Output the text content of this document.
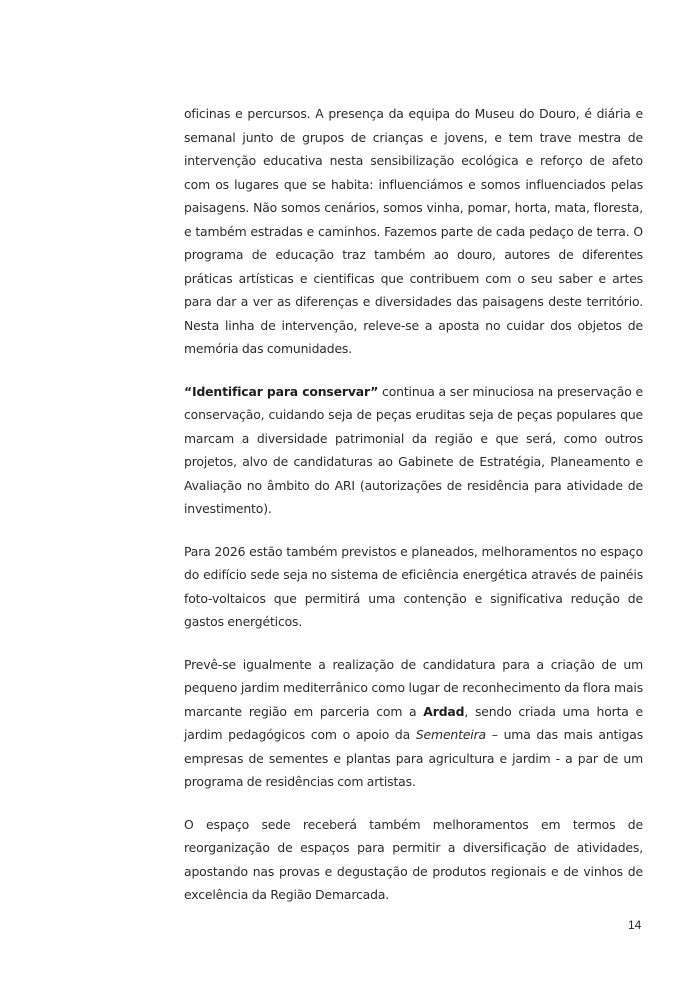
oficinas e percursos. A presença da equipa do Museu do Douro, é diária e semanal junto de grupos de crianças e jovens, e tem trave mestra de intervenção educativa nesta sensibilização ecológica e reforço de afeto com os lugares que se habita: influenciámos e somos influenciados pelas paisagens. Não somos cenários, somos vinha, pomar, horta, mata, floresta, e também estradas e caminhos. Fazemos parte de cada pedaço de terra. O programa de educação traz também ao douro, autores de diferentes práticas artísticas e cientificas que contribuem com o seu saber e artes para dar a ver as diferenças e diversidades das paisagens deste território. Nesta linha de intervenção, releve-se a aposta no cuidar dos objetos de memória das comunidades.

“Identificar para conservar” continua a ser minuciosa na preservação e conservação, cuidando seja de peças eruditas seja de peças populares que marcam a diversidade patrimonial da região e que será, como outros projetos, alvo de candidaturas ao Gabinete de Estratégia, Planeamento e Avaliação no âmbito do ARI (autorizações de residência para atividade de investimento).

Para 2026 estão também previstos e planeados, melhoramentos no espaço do edifício sede seja no sistema de eficiência energética através de painéis foto-voltaicos que permitirá uma contenção e significativa redução de gastos energéticos.

Prevê-se igualmente a realização de candidatura para a criação de um pequeno jardim mediterrânico como lugar de reconhecimento da flora mais marcante região em parceria com a Ardad, sendo criada uma horta e jardim pedagógicos com o apoio da Sementeira – uma das mais antigas empresas de sementes e plantas para agricultura e jardim - a par de um programa de residências com artistas.

O espaço sede receberá também melhoramentos em termos de reorganização de espaços para permitir a diversificação de atividades, apostando nas provas e degustação de produtos regionais e de vinhos de excelência da Região Demarcada.

14
